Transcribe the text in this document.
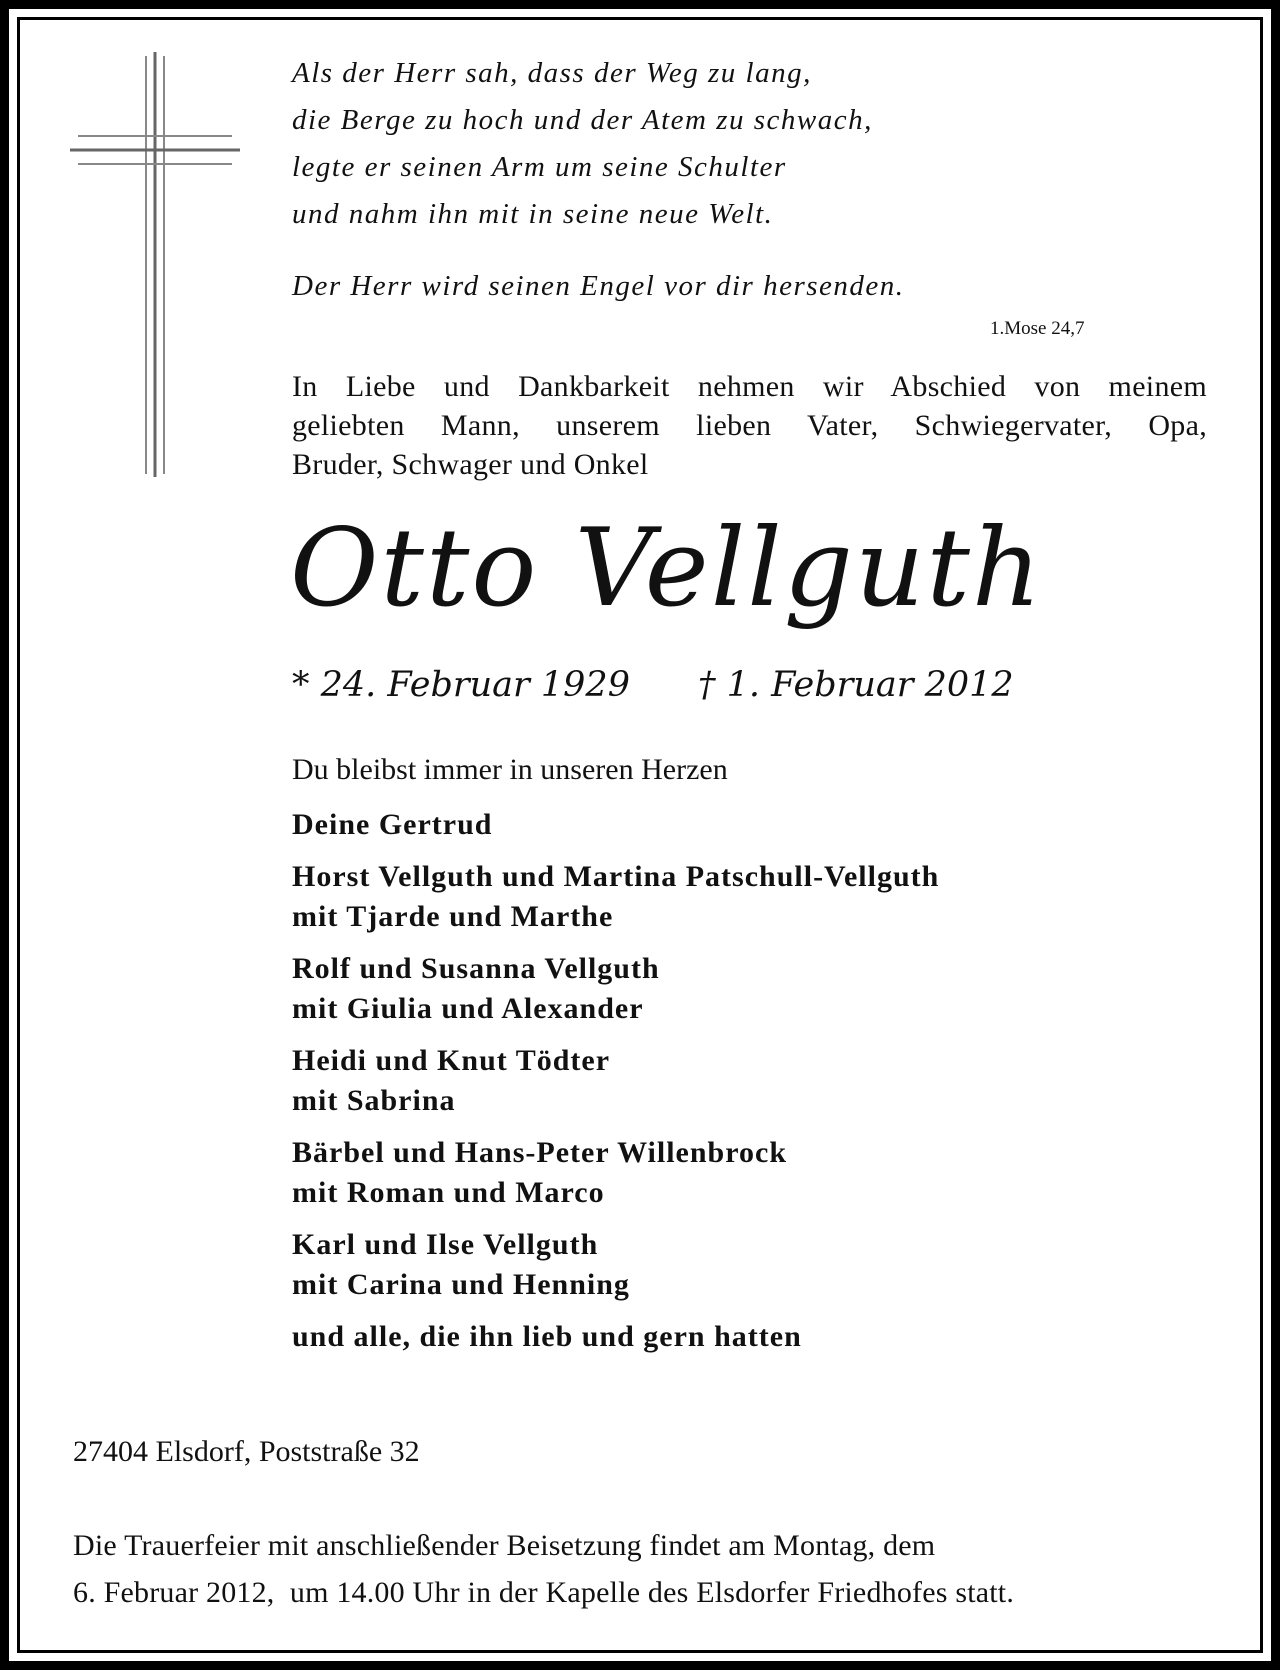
Als der Herr sah, dass der Weg zu lang,
die Berge zu hoch und der Atem zu schwach,
legte er seinen Arm um seine Schulter
und nahm ihn mit in seine neue Welt.
Der Herr wird seinen Engel vor dir hersenden.
1.Mose 24,7
In Liebe und Dankbarkeit nehmen wir Abschied von meinem
geliebten Mann, unserem lieben Vater, Schwiegervater, Opa,
Bruder, Schwager und Onkel
Otto Vellguth
* 24. Februar 1929 † 1. Februar 2012
Du bleibst immer in unseren Herzen
Deine Gertrud
Horst Vellguth und Martina Patschull-Vellguth
mit Tjarde und Marthe
Rolf und Susanna Vellguth
mit Giulia und Alexander
Heidi und Knut Tödter
mit Sabrina
Bärbel und Hans-Peter Willenbrock
mit Roman und Marco
Karl und Ilse Vellguth
mit Carina und Henning
und alle, die ihn lieb und gern hatten
27404 Elsdorf, Poststraße 32
Die Trauerfeier mit anschließender Beisetzung findet am Montag, dem
6. Februar 2012,  um 14.00 Uhr in der Kapelle des Elsdorfer Friedhofes statt.
